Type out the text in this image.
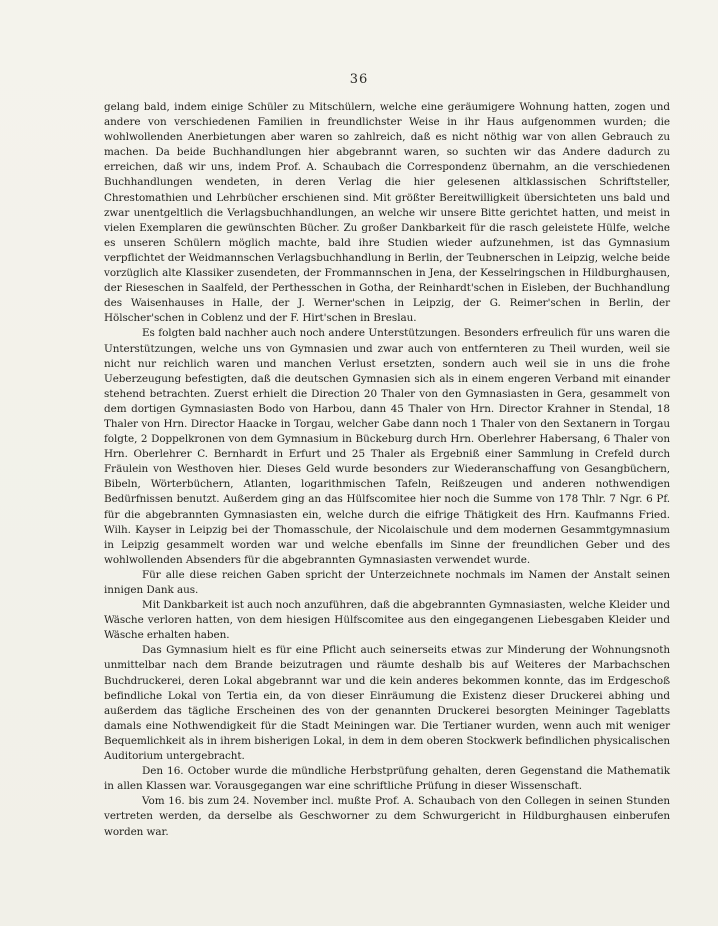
36

gelang bald, indem einige Schüler zu Mitschülern, welche eine geräumigere Wohnung hatten, zogen und andere von verschiedenen Familien in freundlichster Weise in ihr Haus aufgenommen wurden; die wohlwollenden Anerbietungen aber waren so zahlreich, daß es nicht nöthig war von allen Gebrauch zu machen. Da beide Buchhandlungen hier abgebrannt waren, so suchten wir das Andere dadurch zu erreichen, daß wir uns, indem Prof. A. Schaubach die Correspondenz übernahm, an die verschiedenen Buchhandlungen wendeten, in deren Verlag die hier gelesenen altklassischen Schriftsteller, Chrestomathien und Lehrbücher erschienen sind. Mit größter Bereitwilligkeit übersichteten uns bald und zwar unentgeltlich die Verlagsbuchhandlungen, an welche wir unsere Bitte gerichtet hatten, und meist in vielen Exemplaren die gewünschten Bücher. Zu großer Dankbarkeit für die rasch geleistete Hülfe, welche es unseren Schülern möglich machte, bald ihre Studien wieder aufzunehmen, ist das Gymnasium verpflichtet der Weidmannschen Verlagsbuchhandlung in Berlin, der Teubnerschen in Leipzig, welche beide vorzüglich alte Klassiker zusendeten, der Frommannschen in Jena, der Kesselringschen in Hildburghausen, der Rieseschen in Saalfeld, der Perthesschen in Gotha, der Reinhardt'schen in Eisleben, der Buchhandlung des Waisenhauses in Halle, der J. Werner'schen in Leipzig, der G. Reimer'schen in Berlin, der Hölscher'schen in Coblenz und der F. Hirt'schen in Breslau.

Es folgten bald nachher auch noch andere Unterstützungen. Besonders erfreulich für uns waren die Unterstützungen, welche uns von Gymnasien und zwar auch von entfernteren zu Theil wurden, weil sie nicht nur reichlich waren und manchen Verlust ersetzten, sondern auch weil sie in uns die frohe Ueberzeugung befestigten, daß die deutschen Gymnasien sich als in einem engeren Verband mit einander stehend betrachten. Zuerst erhielt die Direction 20 Thaler von den Gymnasiasten in Gera, gesammelt von dem dortigen Gymnasiasten Bodo von Harbou, dann 45 Thaler von Hrn. Director Krahner in Stendal, 18 Thaler von Hrn. Director Haacke in Torgau, welcher Gabe dann noch 1 Thaler von den Sextanern in Torgau folgte, 2 Doppelkronen von dem Gymnasium in Bückeburg durch Hrn. Oberlehrer Habersang, 6 Thaler von Hrn. Oberlehrer C. Bernhardt in Erfurt und 25 Thaler als Ergebniß einer Sammlung in Crefeld durch Fräulein von Westhoven hier. Dieses Geld wurde besonders zur Wiederanschaffung von Gesangbüchern, Bibeln, Wörterbüchern, Atlanten, logarithmischen Tafeln, Reißzeugen und anderen nothwendigen Bedürfnissen benutzt. Außerdem ging an das Hülfscomitee hier noch die Summe von 178 Thlr. 7 Ngr. 6 Pf. für die abgebrannten Gymnasiasten ein, welche durch die eifrige Thätigkeit des Hrn. Kaufmanns Fried. Wilh. Kayser in Leipzig bei der Thomasschule, der Nicolaischule und dem modernen Gesammtgymnasium in Leipzig gesammelt worden war und welche ebenfalls im Sinne der freundlichen Geber und des wohlwollenden Absenders für die abgebrannten Gymnasiasten verwendet wurde.

Für alle diese reichen Gaben spricht der Unterzeichnete nochmals im Namen der Anstalt seinen innigen Dank aus.

Mit Dankbarkeit ist auch noch anzuführen, daß die abgebrannten Gymnasiasten, welche Kleider und Wäsche verloren hatten, von dem hiesigen Hülfscomitee aus den eingegangenen Liebesgaben Kleider und Wäsche erhalten haben.

Das Gymnasium hielt es für eine Pflicht auch seinerseits etwas zur Minderung der Wohnungsnoth unmittelbar nach dem Brande beizutragen und räumte deshalb bis auf Weiteres der Marbachschen Buchdruckerei, deren Lokal abgebrannt war und die kein anderes bekommen konnte, das im Erdgeschoß befindliche Lokal von Tertia ein, da von dieser Einräumung die Existenz dieser Druckerei abhing und außerdem das tägliche Erscheinen des von der genannten Druckerei besorgten Meininger Tageblatts damals eine Nothwendigkeit für die Stadt Meiningen war. Die Tertianer wurden, wenn auch mit weniger Bequemlichkeit als in ihrem bisherigen Lokal, in dem in dem oberen Stockwerk befindlichen physicalischen Auditorium untergebracht.

Den 16. October wurde die mündliche Herbstprüfung gehalten, deren Gegenstand die Mathematik in allen Klassen war. Vorausgegangen war eine schriftliche Prüfung in dieser Wissenschaft.

Vom 16. bis zum 24. November incl. mußte Prof. A. Schaubach von den Collegen in seinen Stunden vertreten werden, da derselbe als Geschworner zu dem Schwurgericht in Hildburghausen einberufen worden war.
